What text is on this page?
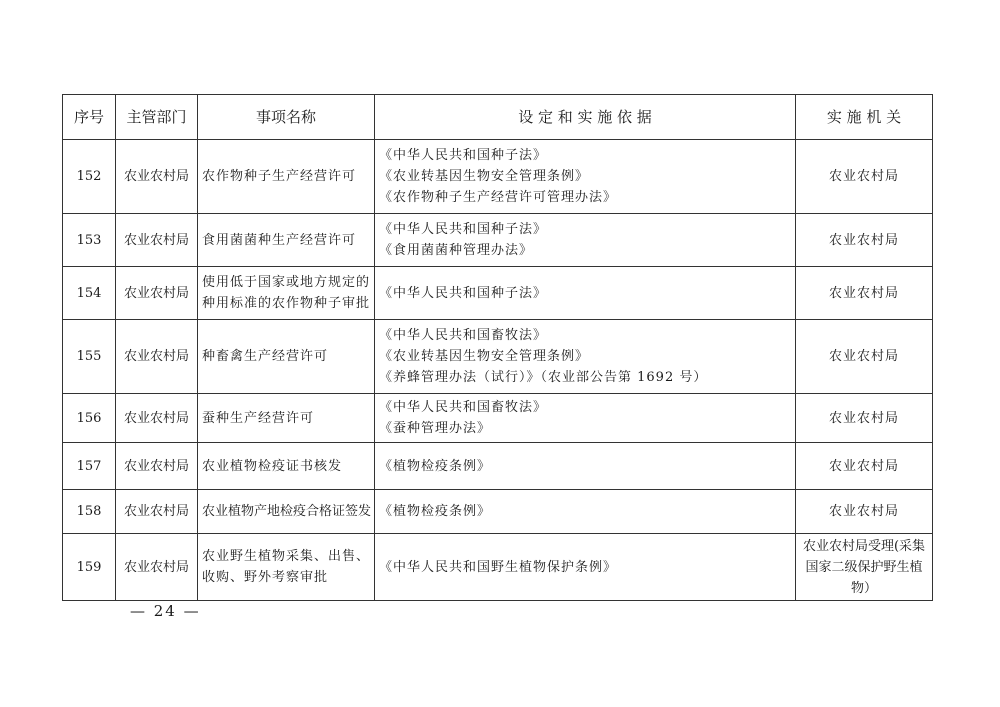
序号	主管部门	事项名称	设 定 和 实 施 依 据	实 施 机 关
152	农业农村局	农作物种子生产经营许可	《中华人民共和国种子法》
《农业转基因生物安全管理条例》
《农作物种子生产经营许可管理办法》	农业农村局

153	农业农村局	食用菌菌种生产经营许可	《中华人民共和国种子法》
《食用菌菌种管理办法》	农业农村局

154	农业农村局	使用低于国家或地方规定的
种用标准的农作物种子审批	《中华人民共和国种子法》	农业农村局

155	农业农村局	种畜禽生产经营许可	《中华人民共和国畜牧法》
《农业转基因生物安全管理条例》
《养蜂管理办法（试行）》（农业部公告第 1692 号）	农业农村局

156	农业农村局	蚕种生产经营许可	《中华人民共和国畜牧法》
《蚕种管理办法》	农业农村局

157	农业农村局	农业植物检疫证书核发	《植物检疫条例》	农业农村局

158	农业农村局	农业植物产地检疫合格证签发	《植物检疫条例》	农业农村局

159	农业农村局	农业野生植物采集、出售、
收购、野外考察审批	《中华人民共和国野生植物保护条例》	农业农村局受理(采集
国家二级保护野生植
物）
— 24 —
